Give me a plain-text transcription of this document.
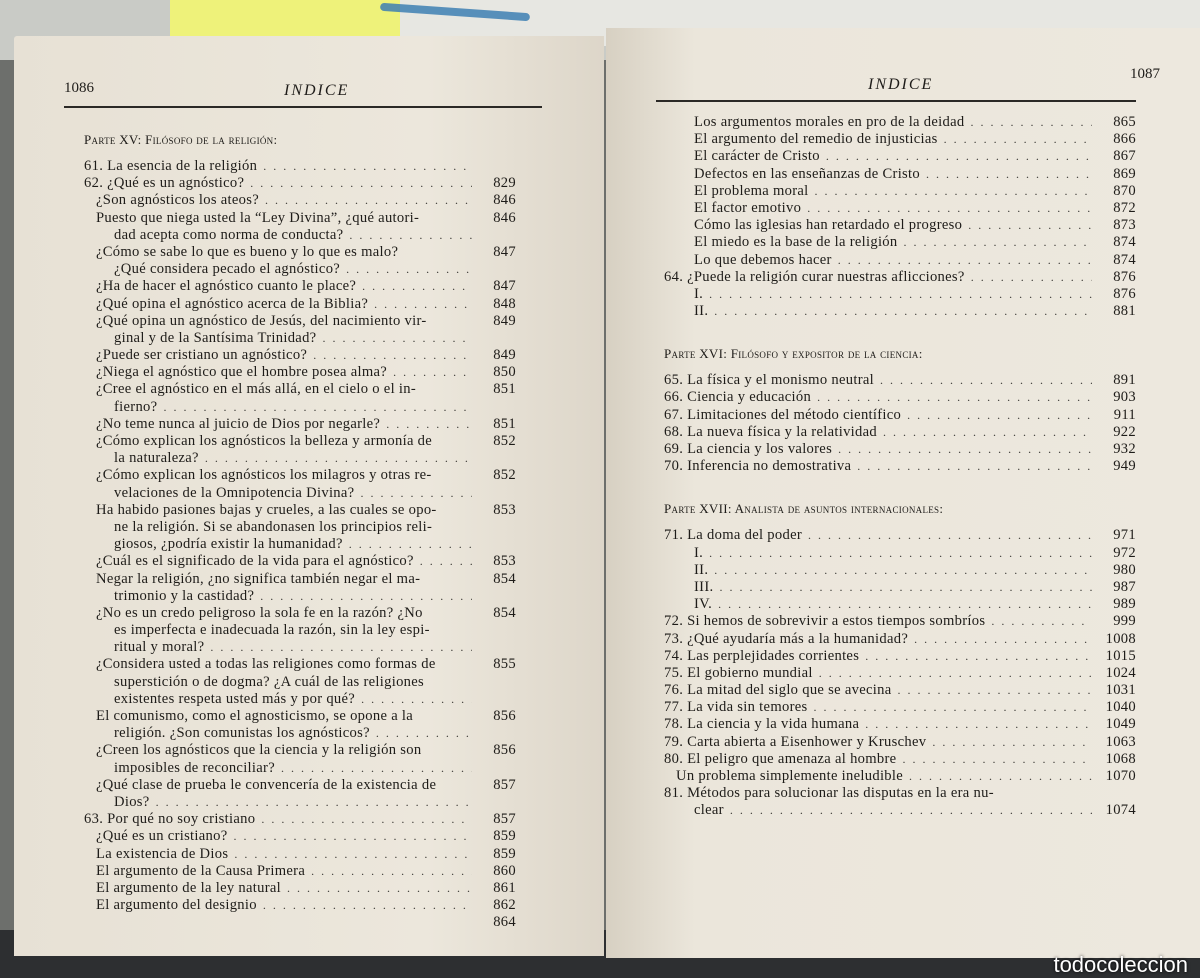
1086	INDICE
Parte XV: Filósofo de la religión:
61. La esencia de la religión
. . .
62. ¿Qué es un agnóstico? . . .	829
¿Son agnósticos los ateos? . . .	846
Puesto que niega usted la “Ley Divina”, ¿qué autori-	846
dad acepta como norma de conducta?
. . .
¿Cómo se sabe lo que es bueno y lo que es malo?	847
¿Qué considera pecado el agnóstico?
. . .
¿Ha de hacer el agnóstico cuanto le place? . . .	847
¿Qué opina el agnóstico acerca de la Biblia? . . .	848
¿Qué opina un agnóstico de Jesús, del nacimiento vir-	849
ginal y de la Santísima Trinidad?
. . .
¿Puede ser cristiano un agnóstico? . . .	849
¿Niega el agnóstico que el hombre posea alma? . . .	850
¿Cree el agnóstico en el más allá, en el cielo o el in-	851
fierno?
. . .
¿No teme nunca al juicio de Dios por negarle? . . .	851
¿Cómo explican los agnósticos la belleza y armonía de	852
la naturaleza?
. . .
¿Cómo explican los agnósticos los milagros y otras re-	852
velaciones de la Omnipotencia Divina?
. . .
Ha habido pasiones bajas y crueles, a las cuales se opo-	853
ne la religión. Si se abandonasen los principios reli-
giosos, ¿podría existir la humanidad?
. . .
¿Cuál es el significado de la vida para el agnóstico? . . .	853
Negar la religión, ¿no significa también negar el ma-	854
trimonio y la castidad?
. . .
¿No es un credo peligroso la sola fe en la razón? ¿No	854
es imperfecta e inadecuada la razón, sin la ley espi-
ritual y moral?
. . .
¿Considera usted a todas las religiones como formas de	855
superstición o de dogma? ¿A cuál de las religiones
existentes respeta usted más y por qué?
. . .
El comunismo, como el agnosticismo, se opone a la	856
religión. ¿Son comunistas los agnósticos?
. . .
¿Creen los agnósticos que la ciencia y la religión son	856
imposibles de reconciliar?
. . .
¿Qué clase de prueba le convencería de la existencia de	857
Dios?
. . .
63. Por qué no soy cristiano . . .	857
¿Qué es un cristiano? . . .	859
La existencia de Dios . . .	859
El argumento de la Causa Primera . . .	860
El argumento de la ley natural . . .	861
El argumento del designio . . .	862
864
INDICE
1087
Los argumentos morales en pro de la deidad . . .	865
El argumento del remedio de injusticias . . .	866
El carácter de Cristo . . .	867
Defectos en las enseñanzas de Cristo . . .	869
El problema moral . . .	870
El factor emotivo . . .	872
Cómo las iglesias han retardado el progreso . . .	873
El miedo es la base de la religión . . .	874
Lo que debemos hacer . . .	874
64. ¿Puede la religión curar nuestras aflicciones? . . .	876
I. . . .	876
II. . . .	881
Parte XVI: Filósofo y expositor de la ciencia:
65. La física y el monismo neutral . . .	891
66. Ciencia y educación . . .	903
67. Limitaciones del método científico . . .	911
68. La nueva física y la relatividad . . .	922
69. La ciencia y los valores . . .	932
70. Inferencia no demostrativa . . .	949
Parte XVII: Analista de asuntos internacionales:
71. La doma del poder . . .	971
I. . . .	972
II. . . .	980
III. . . .	987
IV. . . .	989
72. Si hemos de sobrevivir a estos tiempos sombríos . . .	999
73. ¿Qué ayudaría más a la humanidad? . . .	1008
74. Las perplejidades corrientes . . .	1015
75. El gobierno mundial . . .	1024
76. La mitad del siglo que se avecina . . .	1031
77. La vida sin temores . . .	1040
78. La ciencia y la vida humana . . .	1049
79. Carta abierta a Eisenhower y Kruschev . . .	1063
80. El peligro que amenaza al hombre . . .	1068
Un problema simplemente ineludible . . .	1070
81. Métodos para solucionar las disputas en la era nu-
clear . . .	1074
todocoleccion
